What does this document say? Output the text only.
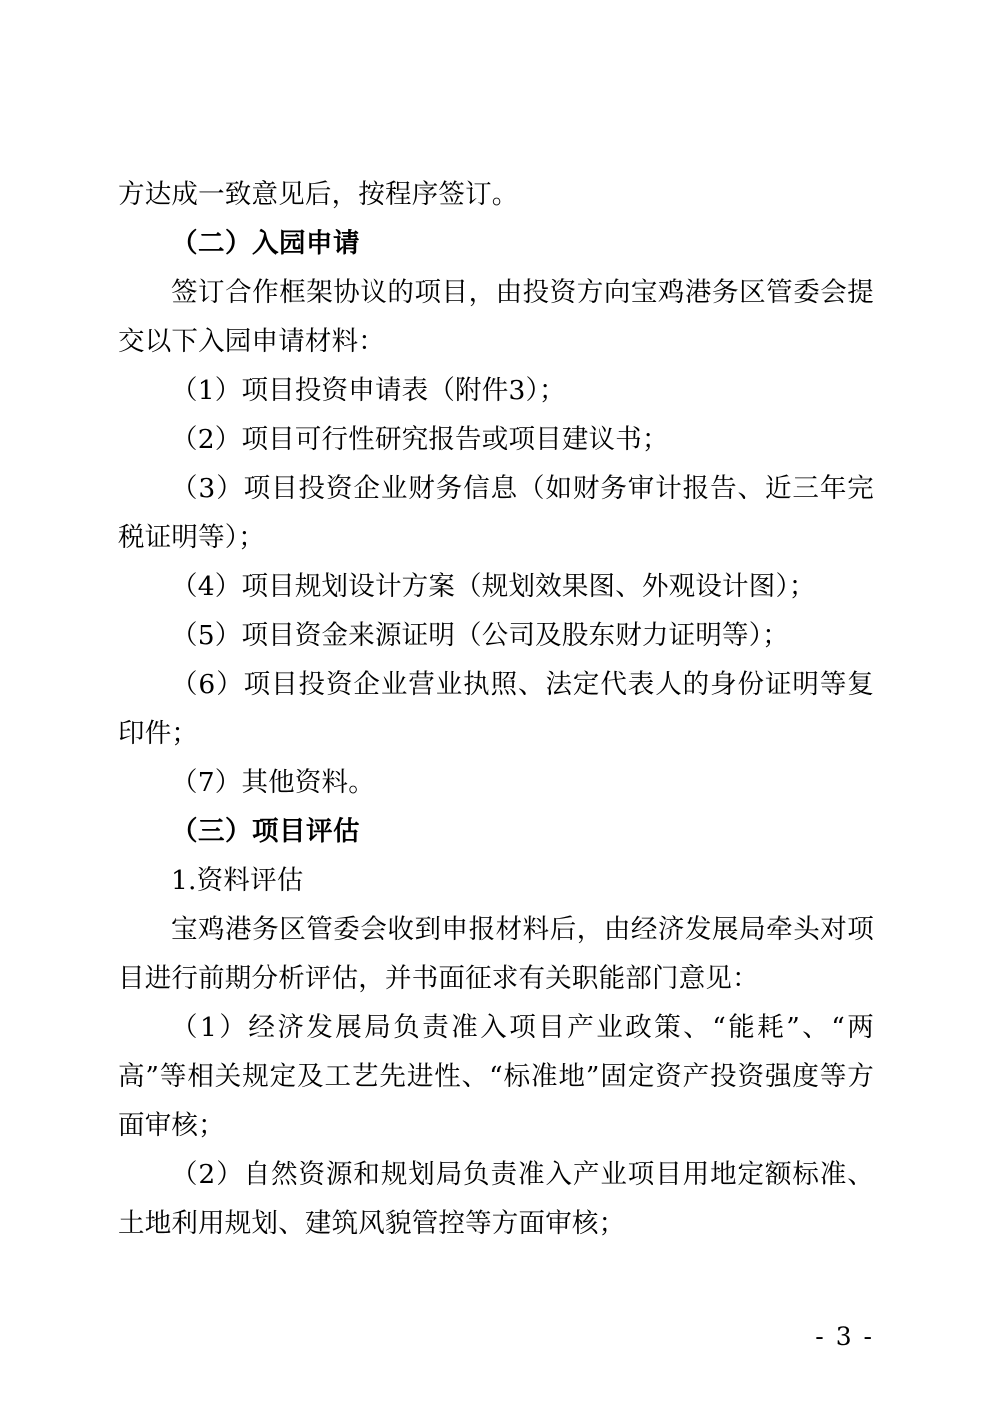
方达成一致意见后，按程序签订。

（二）入园申请

签订合作框架协议的项目，由投资方向宝鸡港务区管委会提交以下入园申请材料：

（1）项目投资申请表（附件3）；

（2）项目可行性研究报告或项目建议书；

（3）项目投资企业财务信息（如财务审计报告、近三年完税证明等）；

（4）项目规划设计方案（规划效果图、外观设计图）；

（5）项目资金来源证明（公司及股东财力证明等）；

（6）项目投资企业营业执照、法定代表人的身份证明等复印件；

（7）其他资料。

（三）项目评估

1.资料评估

宝鸡港务区管委会收到申报材料后，由经济发展局牵头对项目进行前期分析评估，并书面征求有关职能部门意见：

（1）经济发展局负责准入项目产业政策、“能耗”、“两高”等相关规定及工艺先进性、“标准地”固定资产投资强度等方面审核；

（2）自然资源和规划局负责准入产业项目用地定额标准、土地利用规划、建筑风貌管控等方面审核；

- 3 -
